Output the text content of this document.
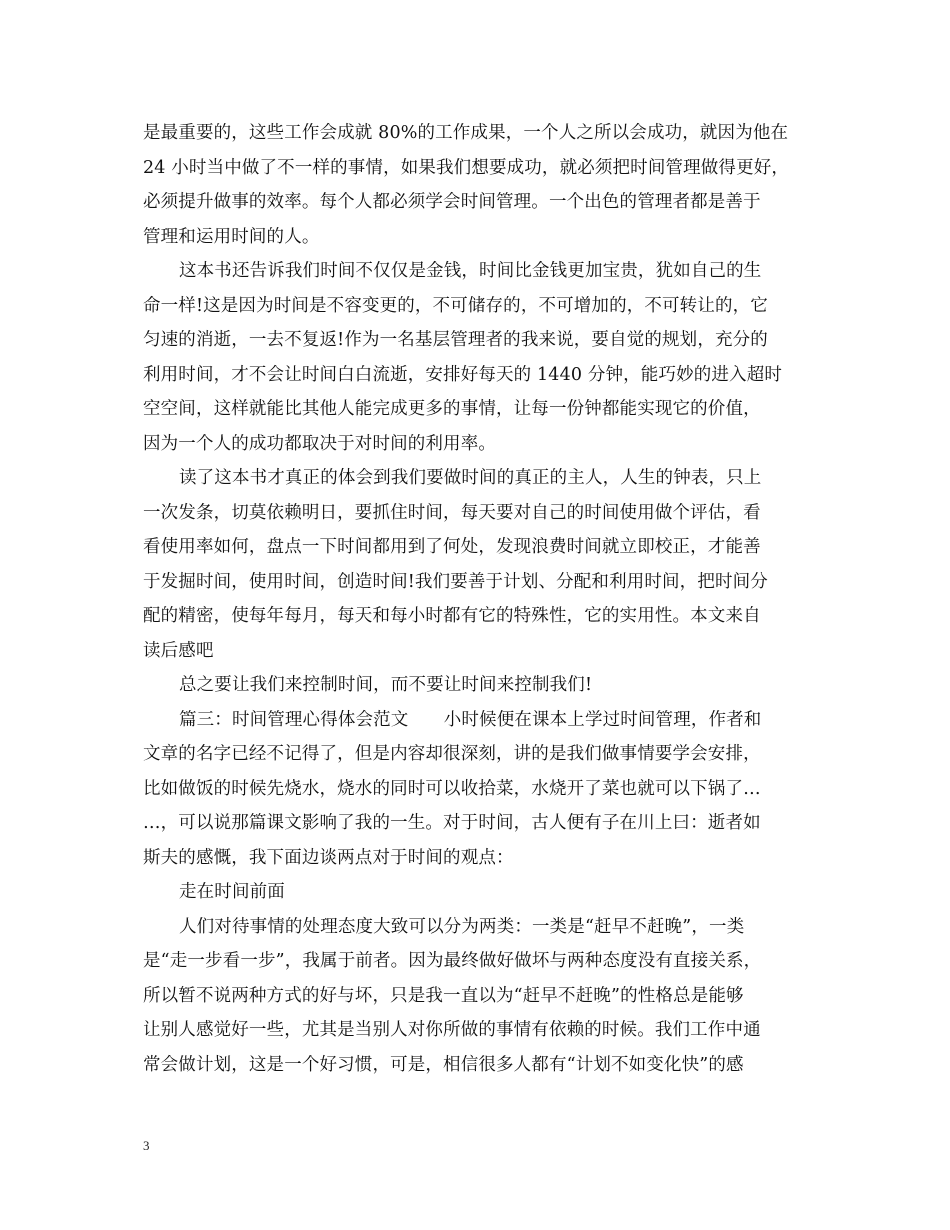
是最重要的，这些工作会成就 80%的工作成果，一个人之所以会成功，就因为他在
24 小时当中做了不一样的事情，如果我们想要成功，就必须把时间管理做得更好，
必须提升做事的效率。每个人都必须学会时间管理。一个出色的管理者都是善于
管理和运用时间的人。
这本书还告诉我们时间不仅仅是金钱，时间比金钱更加宝贵，犹如自己的生
命一样!这是因为时间是不容变更的，不可储存的，不可增加的，不可转让的，它
匀速的消逝，一去不复返!作为一名基层管理者的我来说，要自觉的规划，充分的
利用时间，才不会让时间白白流逝，安排好每天的 1440 分钟，能巧妙的进入超时
空空间，这样就能比其他人能完成更多的事情，让每一份钟都能实现它的价值，
因为一个人的成功都取决于对时间的利用率。
读了这本书才真正的体会到我们要做时间的真正的主人，人生的钟表，只上
一次发条，切莫依赖明日，要抓住时间，每天要对自己的时间使用做个评估，看
看使用率如何，盘点一下时间都用到了何处，发现浪费时间就立即校正，才能善
于发掘时间，使用时间，创造时间!我们要善于计划、分配和利用时间，把时间分
配的精密，使每年每月，每天和每小时都有它的特殊性，它的实用性。本文来自
读后感吧
总之要让我们来控制时间，而不要让时间来控制我们!
篇三：时间管理心得体会范文　　小时候便在课本上学过时间管理，作者和
文章的名字已经不记得了，但是内容却很深刻，讲的是我们做事情要学会安排，
比如做饭的时候先烧水，烧水的同时可以收拾菜，水烧开了菜也就可以下锅了…
…，可以说那篇课文影响了我的一生。对于时间，古人便有子在川上曰：逝者如
斯夫的感慨，我下面边谈两点对于时间的观点：
走在时间前面
人们对待事情的处理态度大致可以分为两类：一类是“赶早不赶晚”，一类
是“走一步看一步”，我属于前者。因为最终做好做坏与两种态度没有直接关系，
所以暂不说两种方式的好与坏，只是我一直以为“赶早不赶晚”的性格总是能够
让别人感觉好一些，尤其是当别人对你所做的事情有依赖的时候。我们工作中通
常会做计划，这是一个好习惯，可是，相信很多人都有“计划不如变化快”的感
3
